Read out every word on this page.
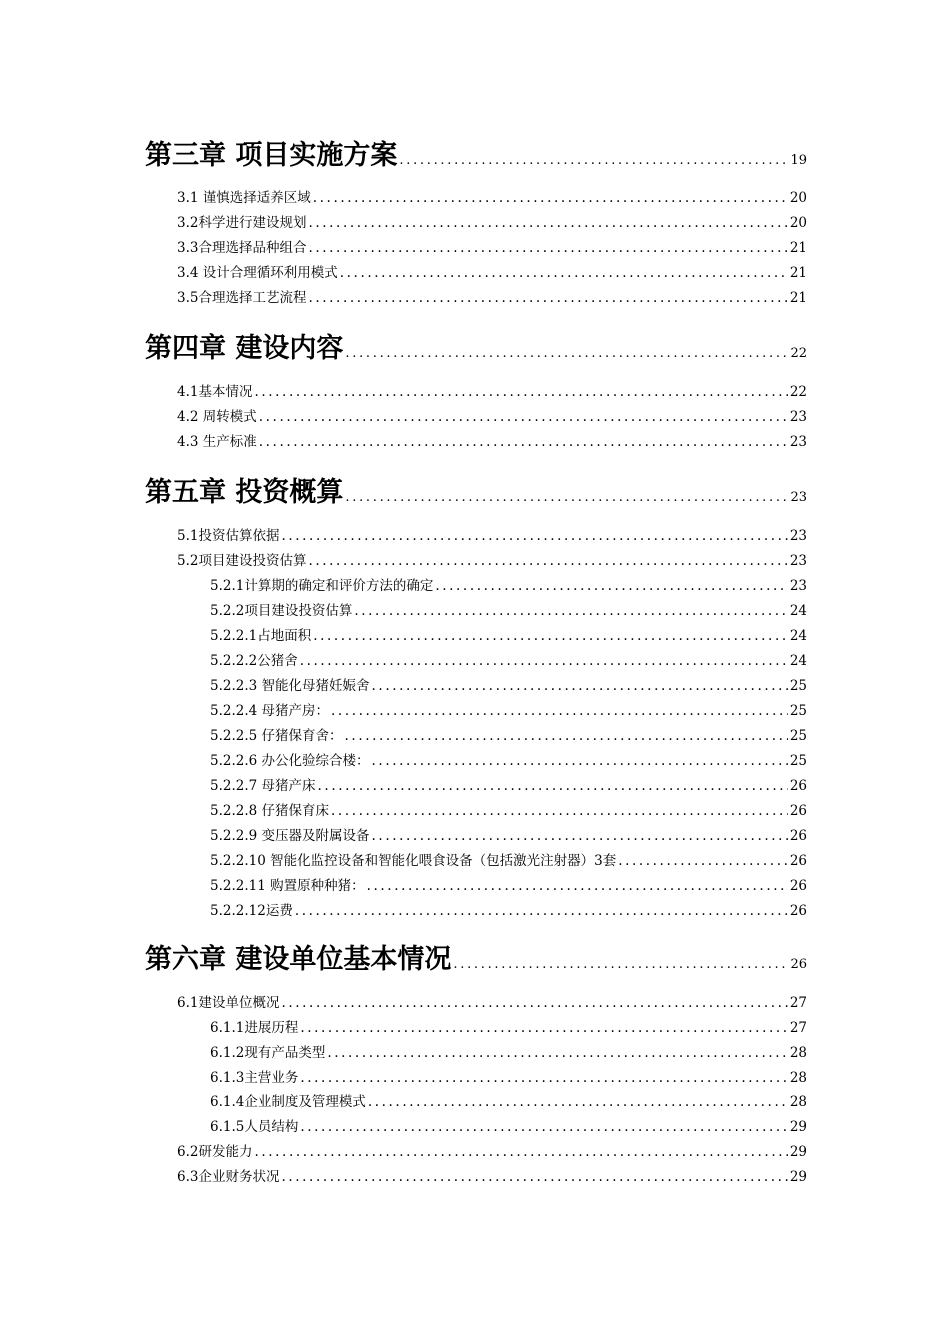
第三章 项目实施方案 .....	19
3.1 谨慎选择适养区域 .....	20
3.2科学进行建设规划 .....	20
3.3合理选择品种组合 .....	21
3.4 设计合理循环利用模式 .....	21
3.5合理选择工艺流程 .....	21
第四章 建设内容 .....	22
4.1基本情况 .....	22
4.2 周转模式 .....	23
4.3 生产标准 .....	23
第五章 投资概算 .....	23
5.1投资估算依据 .....	23
5.2项目建设投资估算 .....	23
5.2.1计算期的确定和评价方法的确定 .....	23
5.2.2项目建设投资估算 .....	24
5.2.2.1占地面积 .....	24
5.2.2.2公猪舍 .....	24
5.2.2.3 智能化母猪妊娠舍 .....	25
5.2.2.4 母猪产房： .....	25
5.2.2.5 仔猪保育舍： .....	25
5.2.2.6 办公化验综合楼： .....	25
5.2.2.7 母猪产床 .....	26
5.2.2.8 仔猪保育床 .....	26
5.2.2.9 变压器及附属设备 .....	26
5.2.2.10 智能化监控设备和智能化喂食设备（包括激光注射器）3套 .....	26
5.2.2.11 购置原种种猪： .....	26
5.2.2.12运费 .....	26
第六章 建设单位基本情况 .....	26
6.1建设单位概况 .....	27
6.1.1进展历程 .....	27
6.1.2现有产品类型 .....	28
6.1.3主营业务 .....	28
6.1.4企业制度及管理模式 .....	28
6.1.5人员结构 .....	29
6.2研发能力 .....	29
6.3企业财务状况 .....	29
